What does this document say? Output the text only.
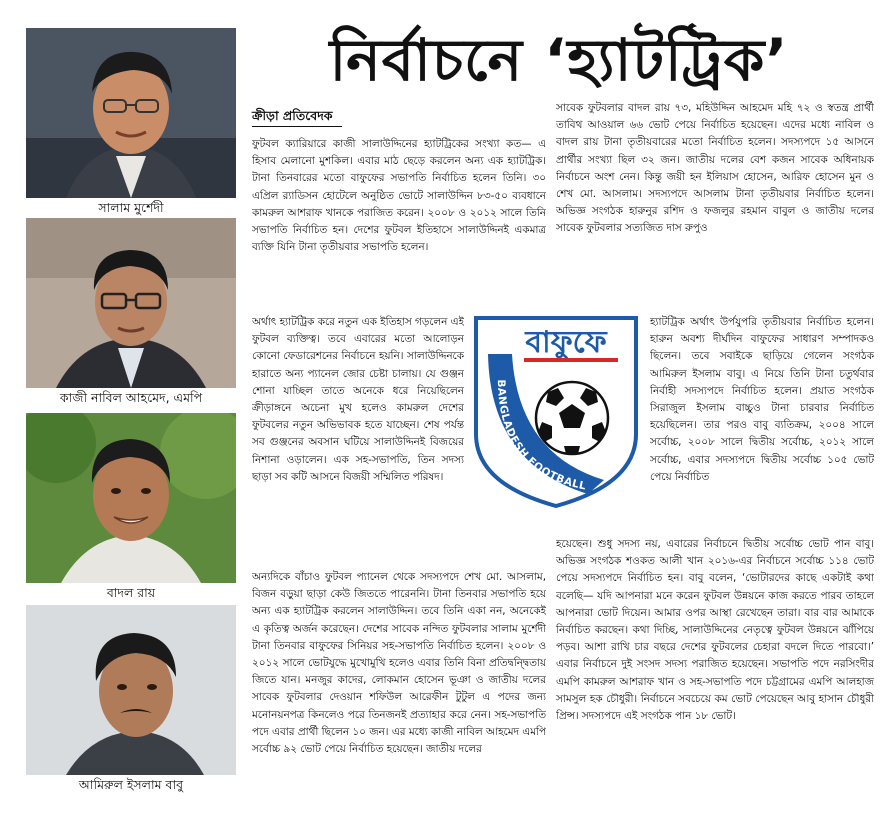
সালাম মুর্শেদী
কাজী নাবিল আহমেদ, এমপি
বাদল রায়
আমিরুল ইসলাম বাবু
নির্বাচনে ‘হ্যাটট্রিক’
ক্রীড়া প্রতিবেদক

ফুটবল ক্যারিয়ারে কাজী সালাউদ্দিনের হ্যাটট্রিকের সংখ্যা কত— এ হিসাব মেলানো মুশকিল। এবার মাঠ ছেড়ে করলেন অন্য এক হ্যাটট্রিক। টানা তিনবারের মতো বাফুফের সভাপতি নির্বাচিত হলেন তিনি। ৩০ এপ্রিল র‍্যাডিসন হোটেলে অনুষ্ঠিত ভোটে সালাউদ্দিন ৮৩-৫০ ব্যবধানে কামরুল আশরাফ খানকে পরাজিত করেন। ২০০৮ ও ২০১২ সালে তিনি সভাপতি নির্বাচিত হন। দেশের ফুটবল ইতিহাসে সালাউদ্দিনই একমাত্র ব্যক্তি যিনি টানা তৃতীয়বার সভাপতি হলেন।

অর্থাৎ হ্যাটট্রিক করে নতুন এক ইতিহাস গড়লেন এই ফুটবল ব্যক্তিত্ব। তবে এবারের মতো আলোড়ন কোনো ফেডারেশনের নির্বাচনে হয়নি। সালাউদ্দিনকে হারাতে অন্য প্যানেল জোর চেষ্টা চালায়। যে গুঞ্জন শোনা যাচ্ছিল তাতে অনেকে ধরে নিয়েছিলেন ক্রীড়াঙ্গনে অচেনা মুখ হলেও কামরুল দেশের ফুটবলের নতুন অভিভাবক হতে যাচ্ছেন। শেষ পর্যন্ত সব গুঞ্জনের অবসান ঘটিয়ে সালাউদ্দিনই বিজয়ের নিশানা ওড়ালেন। এক সহ-সভাপতি, তিন সদস্য ছাড়া সব কটি আসনে বিজয়ী সম্মিলিত পরিষদ।

অন্যদিকে বাঁচাও ফুটবল প্যানেল থেকে সদস্যপদে শেখ মো. আসলাম, বিজন বড়ুয়া ছাড়া কেউ জিততে পারেননি। টানা তিনবার সভাপতি হয়ে অন্য এক হ্যাটট্রিক করলেন সালাউদ্দিন। তবে তিনি একা নন, অনেকেই এ কৃতিত্ব অর্জন করেছেন। দেশের সাবেক নন্দিত ফুটবলার সালাম মুর্শেদী টানা তিনবার বাফুফের সিনিয়র সহ-সভাপতি নির্বাচিত হলেন। ২০০৮ ও ২০১২ সালে ভোটযুদ্ধে মুখোমুখি হলেও এবার তিনি বিনা প্রতিদ্বন্দ্বিতায় জিতে যান। মনজুর কাদের, লোকমান হোসেন ভূঞা ও জাতীয় দলের সাবেক ফুটবলার দেওয়ান শফিউল আরেফীন টুটুল এ পদের জন্য মনোনয়নপত্র কিনলেও পরে তিনজনই প্রত্যাহার করে নেন। সহ-সভাপতি পদে এবার প্রার্থী ছিলেন ১০ জন। এর মধ্যে কাজী নাবিল আহমেদ এমপি সর্বোচ্চ ৯২ ভোট পেয়ে নির্বাচিত হয়েছেন। জাতীয় দলের

সাবেক ফুটবলার বাদল রায় ৭৩, মহিউদ্দিন আহমেদ মহি ৭২ ও স্বতন্ত্র প্রার্থী তাবিথ আওয়াল ৬৬ ভোট পেয়ে নির্বাচিত হয়েছেন। এদের মধ্যে নাবিল ও বাদল রায় টানা তৃতীয়বারের মতো নির্বাচিত হলেন। সদস্যপদে ১৫ আসনে প্রার্থীর সংখ্যা ছিল ৩২ জন। জাতীয় দলের বেশ কজন সাবেক অধিনায়ক নির্বাচনে অংশ নেন। কিন্তু জয়ী হন ইলিয়াস হোসেন, আরিফ হোসেন মুন ও শেখ মো. আসলাম। সদস্যপদে আসলাম টানা তৃতীয়বার নির্বাচিত হলেন। অভিজ্ঞ সংগঠক হারুনুর রশিদ ও ফজলুর রহমান বাবুল ও জাতীয় দলের সাবেক ফুটবলার সত্যজিত দাস রুপুও

হ্যাটট্রিক অর্থাৎ উর্পযুপরি তৃতীয়বার নির্বাচিত হলেন। হারুন অবশ্য দীর্ঘদিন বাফুফের সাধারণ সম্পাদকও ছিলেন। তবে সবাইকে ছাড়িয়ে গেলেন সংগঠক আমিরুল ইসলাম বাবু। এ নিয়ে তিনি টানা চতুর্থবার নির্বাহী সদস্যপদে নির্বাচিত হলেন। প্রয়াত সংগঠক সিরাজুল ইসলাম বাচ্চুও টানা চারবার নির্বাচিত হয়েছিলেন। তার পরও বাবু ব্যতিক্রম, ২০০৪ সালে সর্বোচ্চ, ২০০৮ সালে দ্বিতীয় সর্বোচ্চ, ২০১২ সালে সর্বোচ্চ, এবার সদস্যপদে দ্বিতীয় সর্বোচ্চ ১০৫ ভোট পেয়ে নির্বাচিত

হয়েছেন। শুধু সদস্য নয়, এবারের নির্বাচনে দ্বিতীয় সর্বোচ্চ ভোট পান বাবু। অভিজ্ঞ সংগঠক শওকত আলী খান ২০১৬-এর নির্বাচনে সর্বোচ্চ ১১৪ ভোট পেয়ে সদস্যপদে নির্বাচিত হন। বাবু বলেন, ‘ভোটারদের কাছে একটাই কথা বলেছি— যদি আপনারা মনে করেন ফুটবল উন্নয়নে কাজ করতে পারব তাহলে আপনারা ভোট দিয়েন। আমার ওপর আস্থা রেখেছেন তারা। বার বার আমাকে নির্বাচিত করছেন। কথা দিচ্ছি, সালাউদ্দিনের নেতৃত্বে ফুটবল উন্নয়নে ঝাঁপিয়ে পড়ব। আশা রাখি চার বছরে দেশের ফুটবলের চেহারা বদলে দিতে পারবো।’ এবার নির্বাচনে দুই সংসদ সদস্য পরাজিত হয়েছেন। সভাপতি পদে নরসিংদীর এমপি কামরুল আশরাফ খান ও সহ-সভাপতি পদে চট্টগ্রামের এমপি আলহাজ সামসুল হক চৌধুরী। নির্বাচনে সবচেয়ে কম ভোট পেয়েছেন আবু হাসান চৌধুরী প্রিন্স। সদস্যপদে এই সংগঠক পান ১৮ ভোট।

BANGLADESH FOOTBALL
বাফুফে
